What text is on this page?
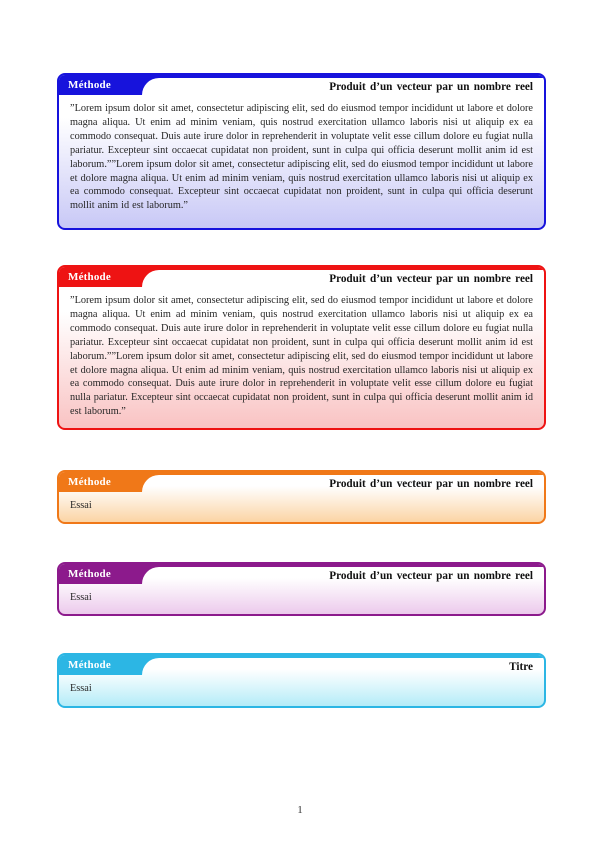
Méthode	Produit d’un vecteur par un nombre reel
”Lorem ipsum dolor sit amet, consectetur adipiscing elit, sed do eiusmod tempor incididunt ut labore et dolore magna aliqua. Ut enim ad minim veniam, quis nostrud exercitation ullamco laboris nisi ut aliquip ex ea commodo consequat. Duis aute irure dolor in reprehenderit in voluptate velit esse cillum dolore eu fugiat nulla pariatur. Excepteur sint occaecat cupidatat non proident, sunt in culpa qui officia deserunt mollit anim id est laborum.””Lorem ipsum dolor sit amet, consectetur adipiscing elit, sed do eiusmod tempor incididunt ut labore et dolore magna aliqua. Ut enim ad minim veniam, quis nostrud exercitation ullamco laboris nisi ut aliquip ex ea commodo consequat. Excepteur sint occaecat cupidatat non proident, sunt in culpa qui officia deserunt mollit anim id est laborum.”
Méthode	Produit d’un vecteur par un nombre reel
”Lorem ipsum dolor sit amet, consectetur adipiscing elit, sed do eiusmod tempor incididunt ut labore et dolore magna aliqua. Ut enim ad minim veniam, quis nostrud exercitation ullamco laboris nisi ut aliquip ex ea commodo consequat. Duis aute irure dolor in reprehenderit in voluptate velit esse cillum dolore eu fugiat nulla pariatur. Excepteur sint occaecat cupidatat non proident, sunt in culpa qui officia deserunt mollit anim id est laborum.””Lorem ipsum dolor sit amet, consectetur adipiscing elit, sed do eiusmod tempor incididunt ut labore et dolore magna aliqua. Ut enim ad minim veniam, quis nostrud exercitation ullamco laboris nisi ut aliquip ex ea commodo consequat. Duis aute irure dolor in reprehenderit in voluptate velit esse cillum dolore eu fugiat nulla pariatur. Excepteur sint occaecat cupidatat non proident, sunt in culpa qui officia deserunt mollit anim id est laborum.”
Méthode	Produit d’un vecteur par un nombre reel
Essai
Méthode	Produit d’un vecteur par un nombre reel
Essai
Méthode	Titre
Essai
1
